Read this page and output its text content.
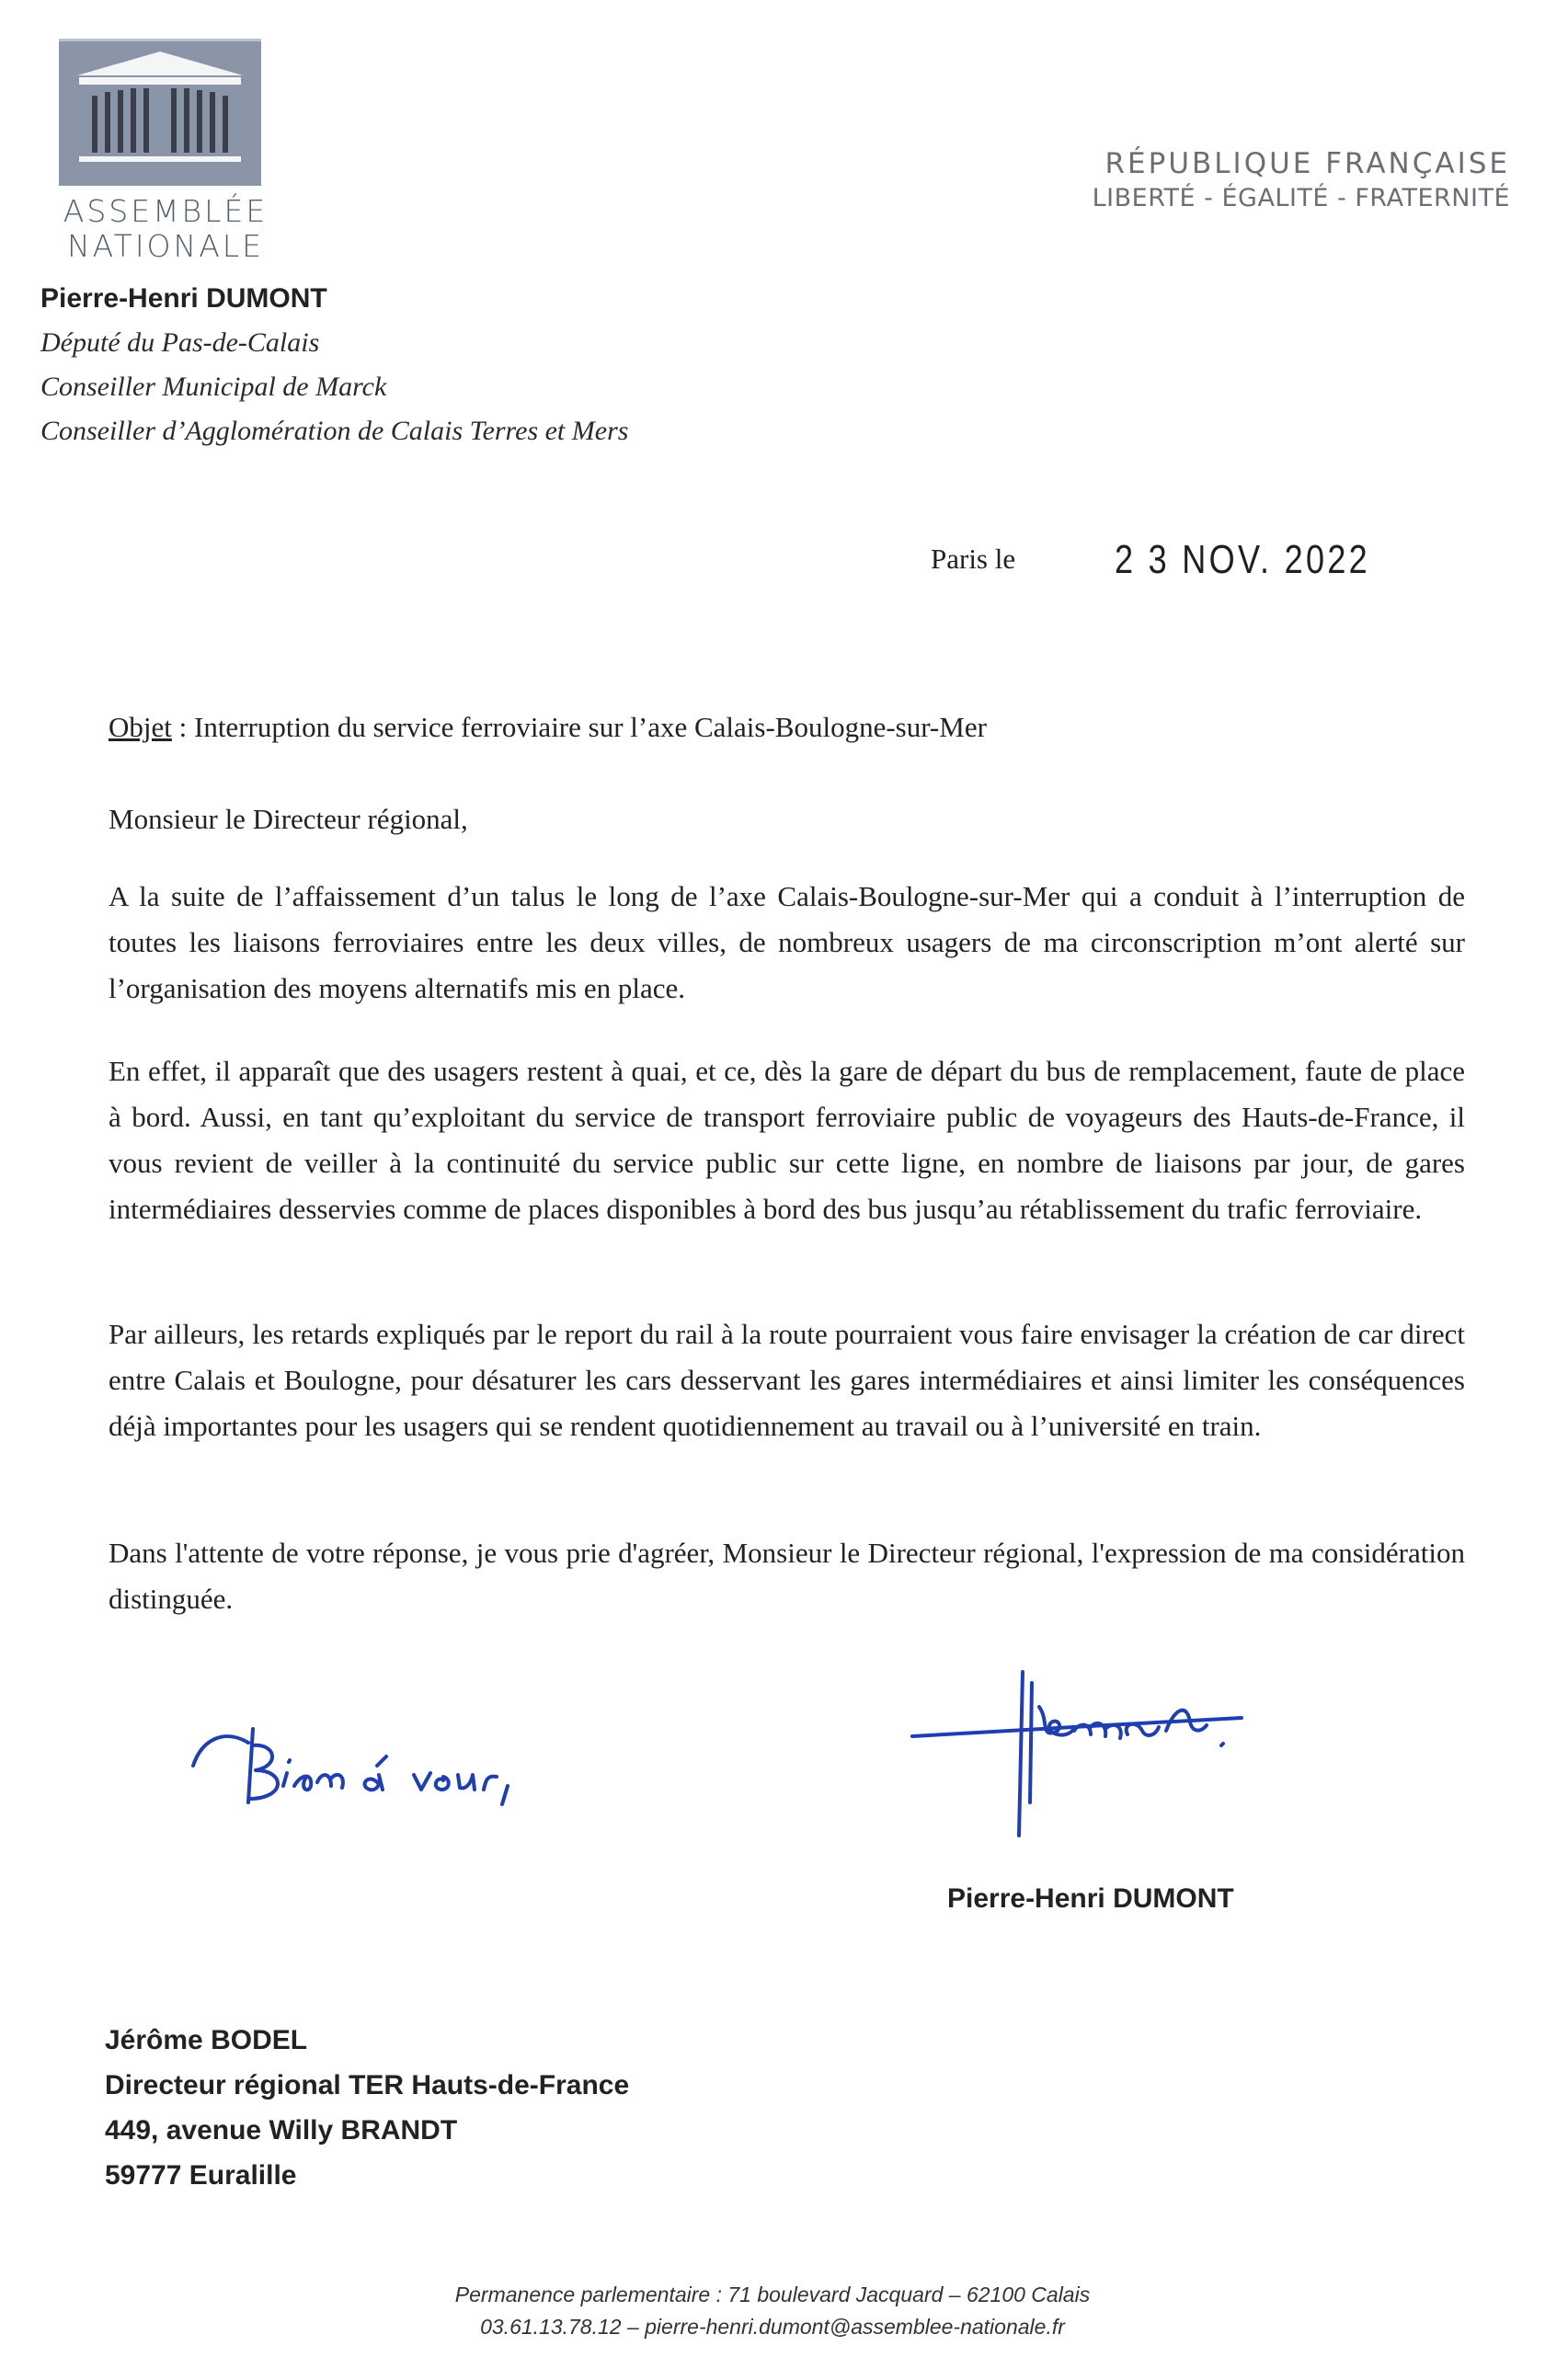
ASSEMBLÉE
NATIONALE
RÉPUBLIQUE FRANÇAISE
LIBERTÉ - ÉGALITÉ - FRATERNITÉ
Pierre-Henri DUMONT
Député du Pas-de-Calais
Conseiller Municipal de Marck
Conseiller d’Agglomération de Calais Terres et Mers
Paris le 2 3 NOV. 2022
Objet : Interruption du service ferroviaire sur l’axe Calais-Boulogne-sur-Mer
Monsieur le Directeur régional,
A la suite de l’affaissement d’un talus le long de l’axe Calais-Boulogne-sur-Mer qui a conduit à l’interruption de toutes les liaisons ferroviaires entre les deux villes, de nombreux usagers de ma circonscription m’ont alerté sur l’organisation des moyens alternatifs mis en place.
En effet, il apparaît que des usagers restent à quai, et ce, dès la gare de départ du bus de remplacement, faute de place à bord. Aussi, en tant qu’exploitant du service de transport ferroviaire public de voyageurs des Hauts-de-France, il vous revient de veiller à la continuité du service public sur cette ligne, en nombre de liaisons par jour, de gares intermédiaires desservies comme de places disponibles à bord des bus jusqu’au rétablissement du trafic ferroviaire.
Par ailleurs, les retards expliqués par le report du rail à la route pourraient vous faire envisager la création de car direct entre Calais et Boulogne, pour désaturer les cars desservant les gares intermédiaires et ainsi limiter les conséquences déjà importantes pour les usagers qui se rendent quotidiennement au travail ou à l’université en train.
Dans l'attente de votre réponse, je vous prie d'agréer, Monsieur le Directeur régional, l'expression de ma considération distinguée.
Pierre-Henri DUMONT
Jérôme BODEL
Directeur régional TER Hauts-de-France
449, avenue Willy BRANDT
59777 Euralille
Permanence parlementaire : 71 boulevard Jacquard – 62100 Calais
03.61.13.78.12 – pierre-henri.dumont@assemblee-nationale.fr
